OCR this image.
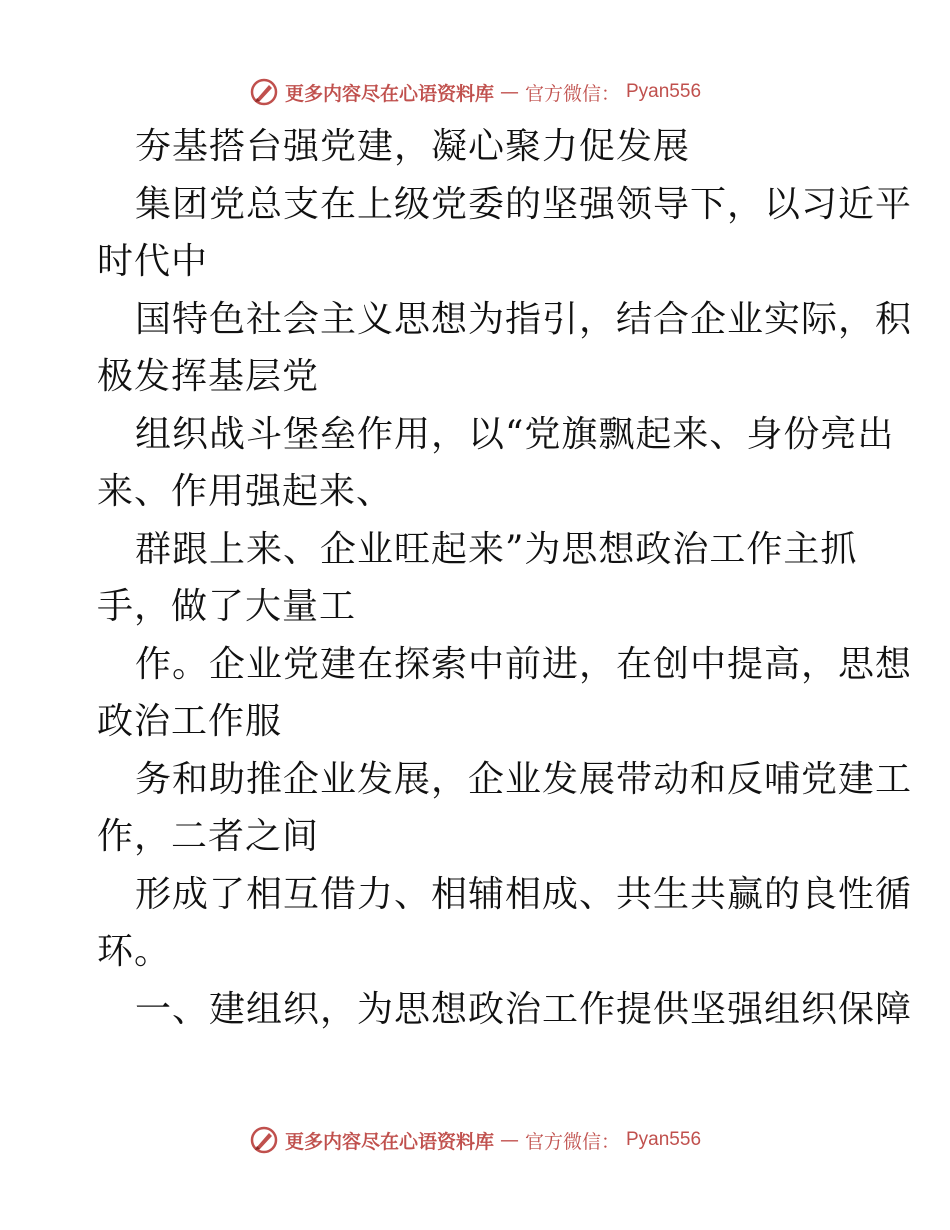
更多内容尽在心语资料库 — 官方微信： Pyan556
夯基搭台强党建，凝心聚力促发展
集团党总支在上级党委的坚强领导下，以习近平
时代中
国特色社会主义思想为指引，结合企业实际，积
极发挥基层党
组织战斗堡垒作用，以“党旗飘起来、身份亮出
来、作用强起来、
群跟上来、企业旺起来”为思想政治工作主抓
手，做了大量工
作。企业党建在探索中前进，在创中提高，思想
政治工作服
务和助推企业发展，企业发展带动和反哺党建工
作，二者之间
形成了相互借力、相辅相成、共生共赢的良性循
环。
一、建组织，为思想政治工作提供坚强组织保障
更多内容尽在心语资料库 — 官方微信： Pyan556
